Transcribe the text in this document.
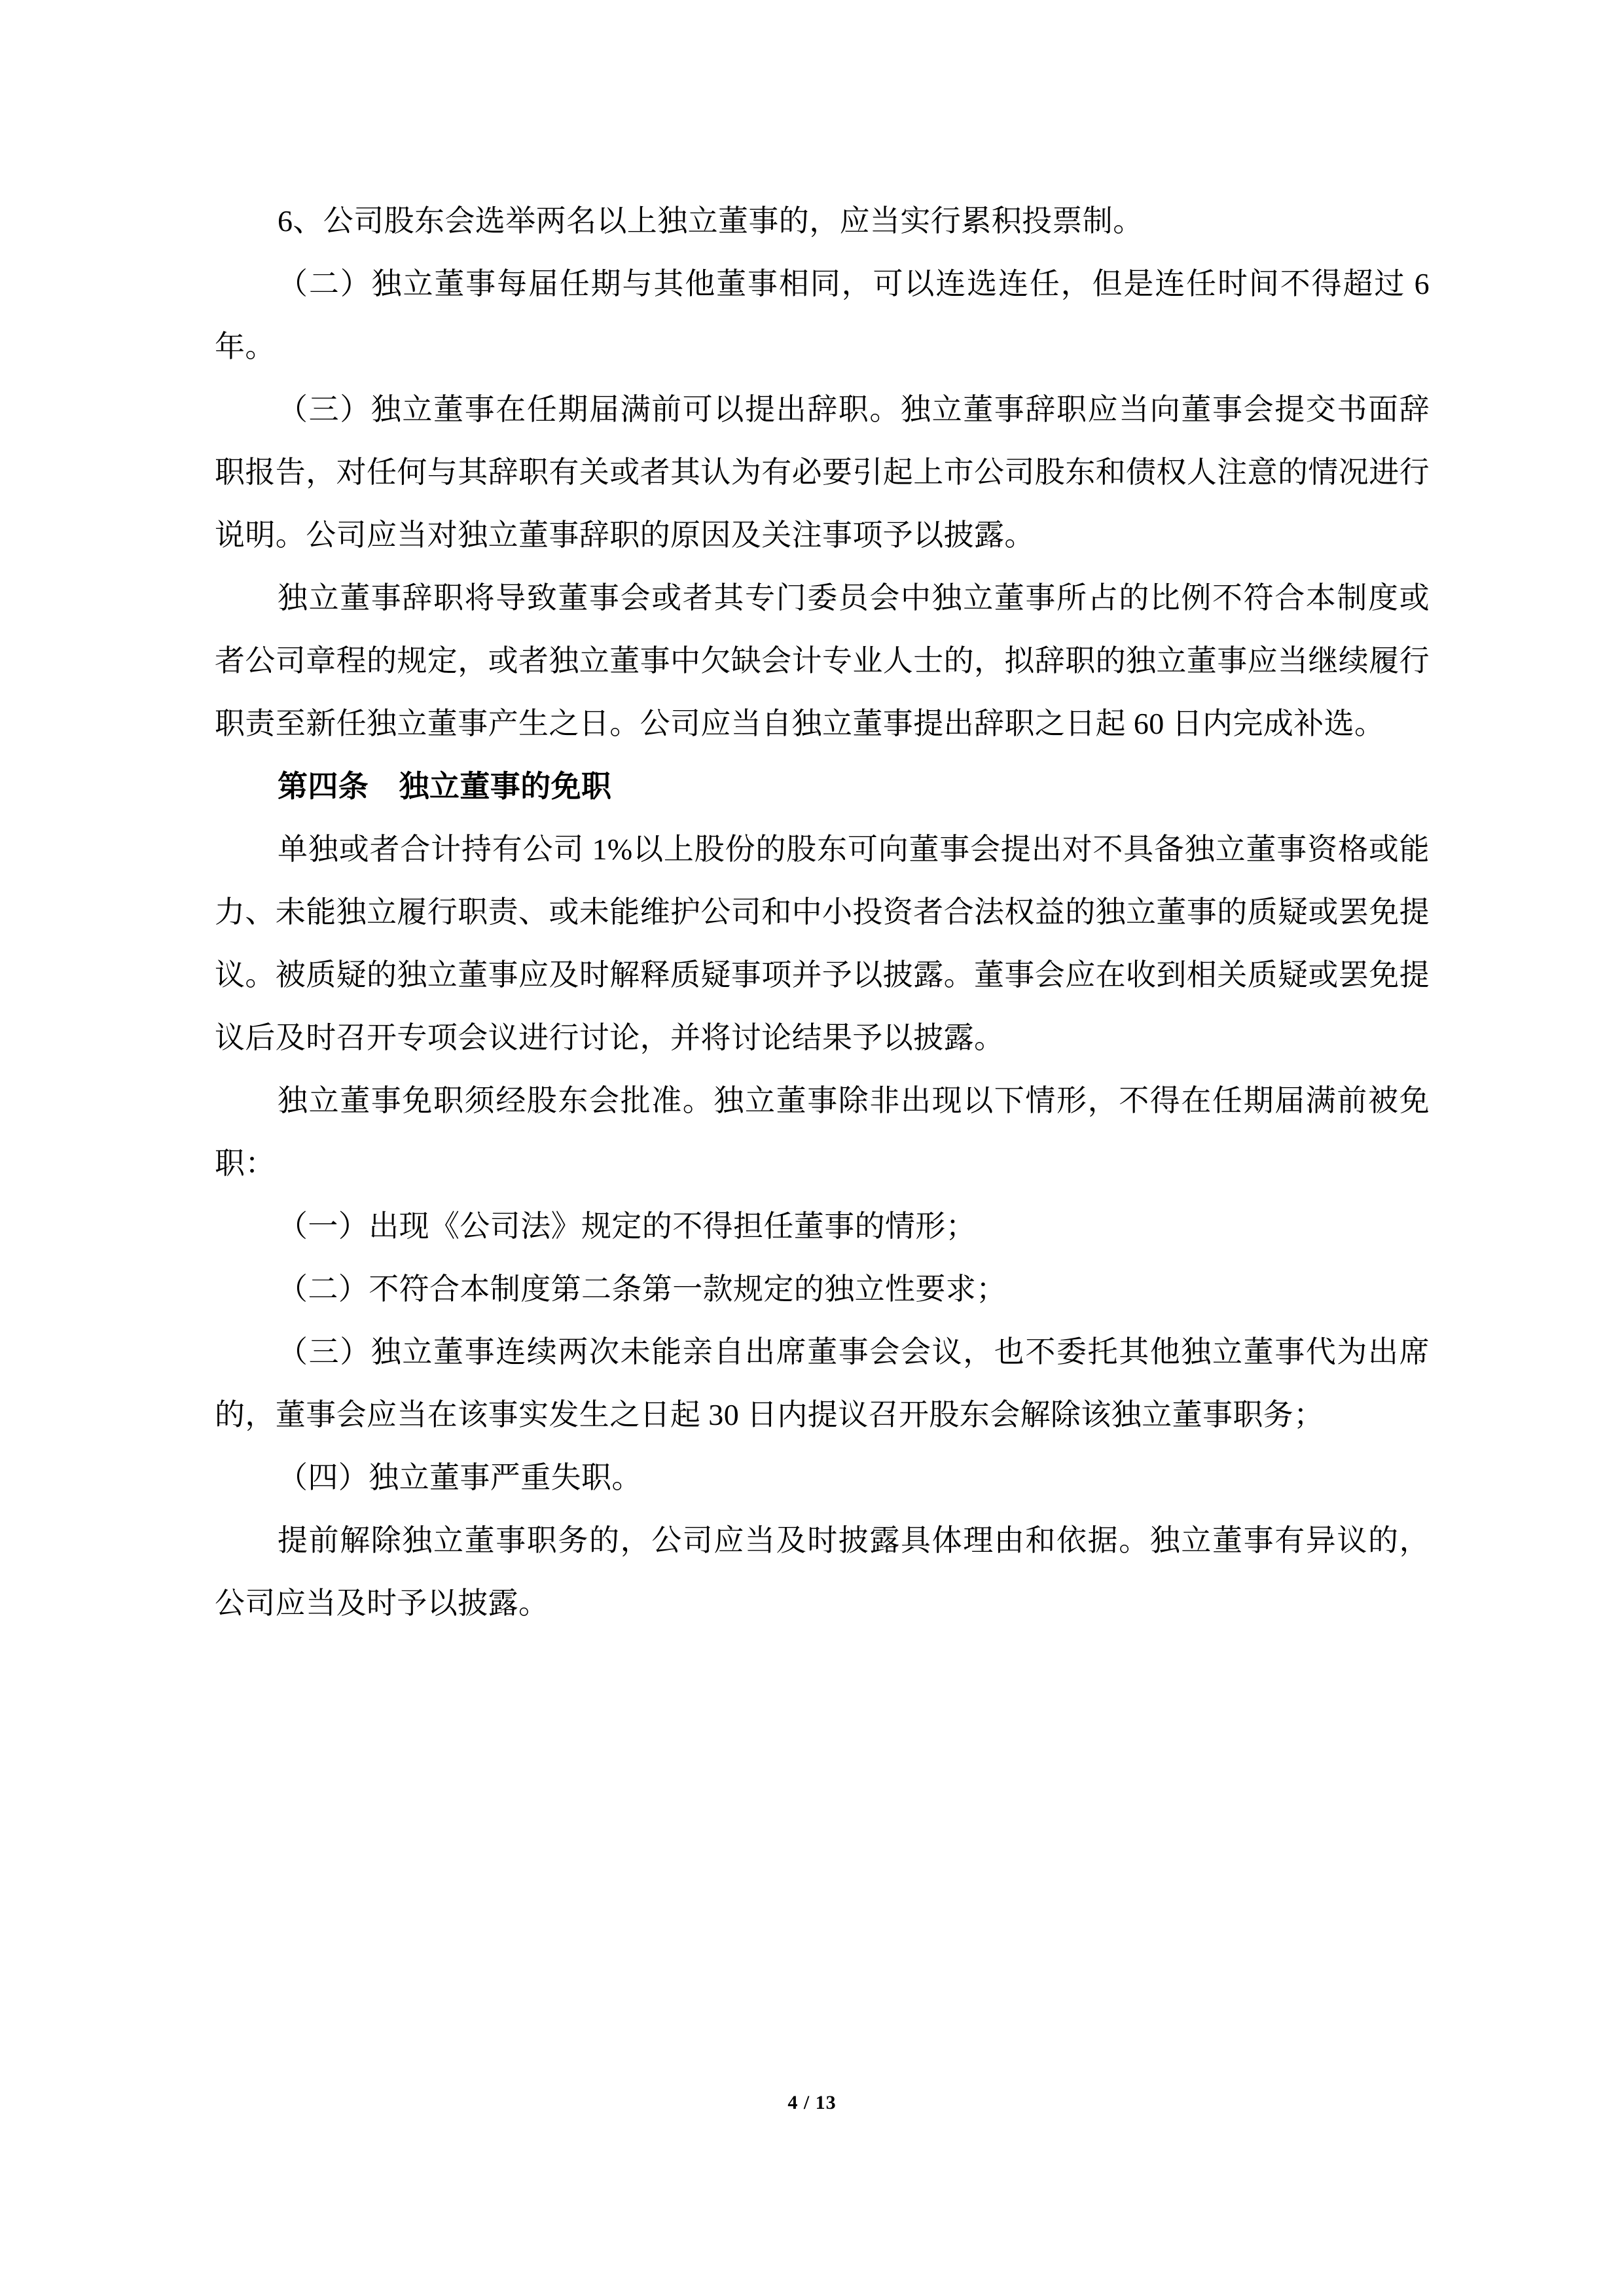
6、公司股东会选举两名以上独立董事的，应当实行累积投票制。

（二）独立董事每届任期与其他董事相同，可以连选连任，但是连任时间不得超过 6 年。

（三）独立董事在任期届满前可以提出辞职。独立董事辞职应当向董事会提交书面辞职报告，对任何与其辞职有关或者其认为有必要引起上市公司股东和债权人注意的情况进行说明。公司应当对独立董事辞职的原因及关注事项予以披露。

独立董事辞职将导致董事会或者其专门委员会中独立董事所占的比例不符合本制度或者公司章程的规定，或者独立董事中欠缺会计专业人士的，拟辞职的独立董事应当继续履行职责至新任独立董事产生之日。公司应当自独立董事提出辞职之日起 60 日内完成补选。

第四条　独立董事的免职

单独或者合计持有公司 1%以上股份的股东可向董事会提出对不具备独立董事资格或能力、未能独立履行职责、或未能维护公司和中小投资者合法权益的独立董事的质疑或罢免提议。被质疑的独立董事应及时解释质疑事项并予以披露。董事会应在收到相关质疑或罢免提议后及时召开专项会议进行讨论，并将讨论结果予以披露。

独立董事免职须经股东会批准。独立董事除非出现以下情形，不得在任期届满前被免职：

（一）出现《公司法》规定的不得担任董事的情形；

（二）不符合本制度第二条第一款规定的独立性要求；

（三）独立董事连续两次未能亲自出席董事会会议，也不委托其他独立董事代为出席的，董事会应当在该事实发生之日起 30 日内提议召开股东会解除该独立董事职务；

（四）独立董事严重失职。

提前解除独立董事职务的，公司应当及时披露具体理由和依据。独立董事有异议的，公司应当及时予以披露。

4 / 13
